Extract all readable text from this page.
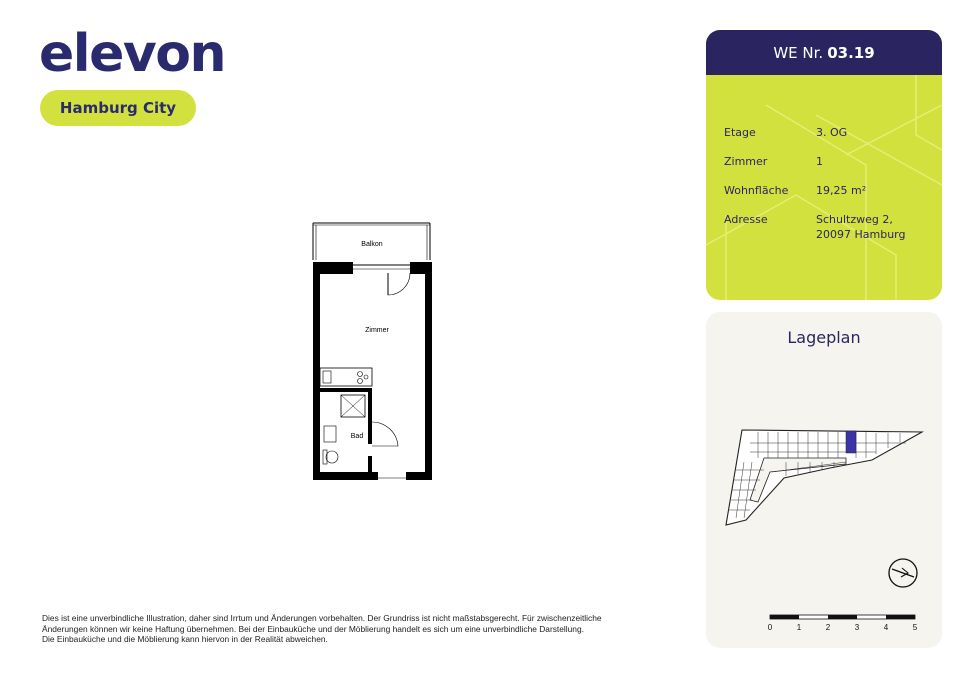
elevon
Hamburg City
Balkon
Zimmer
Bad
WE Nr. 03.19
Etage	3. OG
Zimmer	1
Wohnfläche	19,25 m²
Adresse	Schultzweg 2,
20097 Hamburg
Lageplan
0	1	2	3	4	5

Dies ist eine unverbindliche Illustration, daher sind Irrtum und Änderungen vorbehalten. Der Grundriss ist nicht maßstabsgerecht. Für zwischenzeitliche

Änderungen können wir keine Haftung übernehmen. Bei der Einbauküche und der Möblierung handelt es sich um eine unverbindliche Darstellung.

Die Einbauküche und die Möblierung kann hiervon in der Realität abweichen.
